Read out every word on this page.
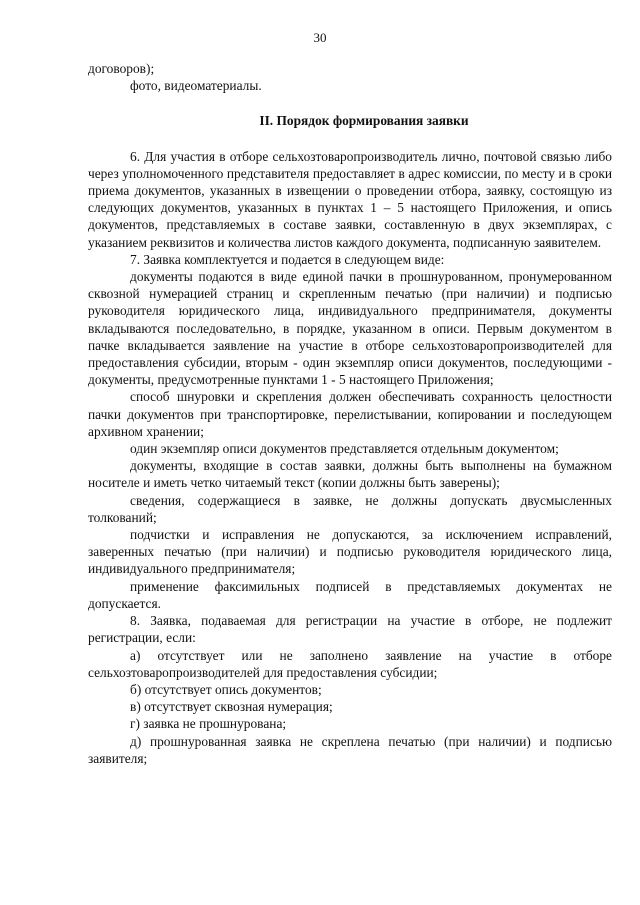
30

договоров);

фото, видеоматериалы.

II. Порядок формирования заявки

6. Для участия в отборе сельхозтоваропроизводитель лично, почтовой связью либо через уполномоченного представителя предоставляет в адрес комиссии, по месту и в сроки приема документов, указанных в извещении о проведении отбора, заявку, состоящую из следующих документов, указанных в пунктах 1 – 5 настоящего Приложения, и опись документов, представляемых в составе заявки, составленную в двух экземплярах, с указанием реквизитов и количества листов каждого документа, подписанную заявителем.

7. Заявка комплектуется и подается в следующем виде:

документы подаются в виде единой пачки в прошнурованном, пронумерованном сквозной нумерацией страниц и скрепленным печатью (при наличии) и подписью руководителя юридического лица, индивидуального предпринимателя, документы вкладываются последовательно, в порядке, указанном в описи. Первым документом в пачке вкладывается заявление на участие в отборе сельхозтоваропроизводителей для предоставления субсидии, вторым - один экземпляр описи документов, последующими - документы, предусмотренные пунктами 1 - 5 настоящего Приложения;

способ шнуровки и скрепления должен обеспечивать сохранность целостности пачки документов при транспортировке, перелистывании, копировании и последующем архивном хранении;

один экземпляр описи документов представляется отдельным документом;

документы, входящие в состав заявки, должны быть выполнены на бумажном носителе и иметь четко читаемый текст (копии должны быть заверены);

сведения, содержащиеся в заявке, не должны допускать двусмысленных толкований;

подчистки и исправления не допускаются, за исключением исправлений, заверенных печатью (при наличии) и подписью руководителя юридического лица, индивидуального предпринимателя;

применение факсимильных подписей в представляемых документах не допускается.

8. Заявка, подаваемая для регистрации на участие в отборе, не подлежит регистрации, если:

а) отсутствует или не заполнено заявление на участие в отборе сельхозтоваропроизводителей для предоставления субсидии;

б) отсутствует опись документов;

в) отсутствует сквозная нумерация;

г) заявка не прошнурована;

д) прошнурованная заявка не скреплена печатью (при наличии) и подписью заявителя;
